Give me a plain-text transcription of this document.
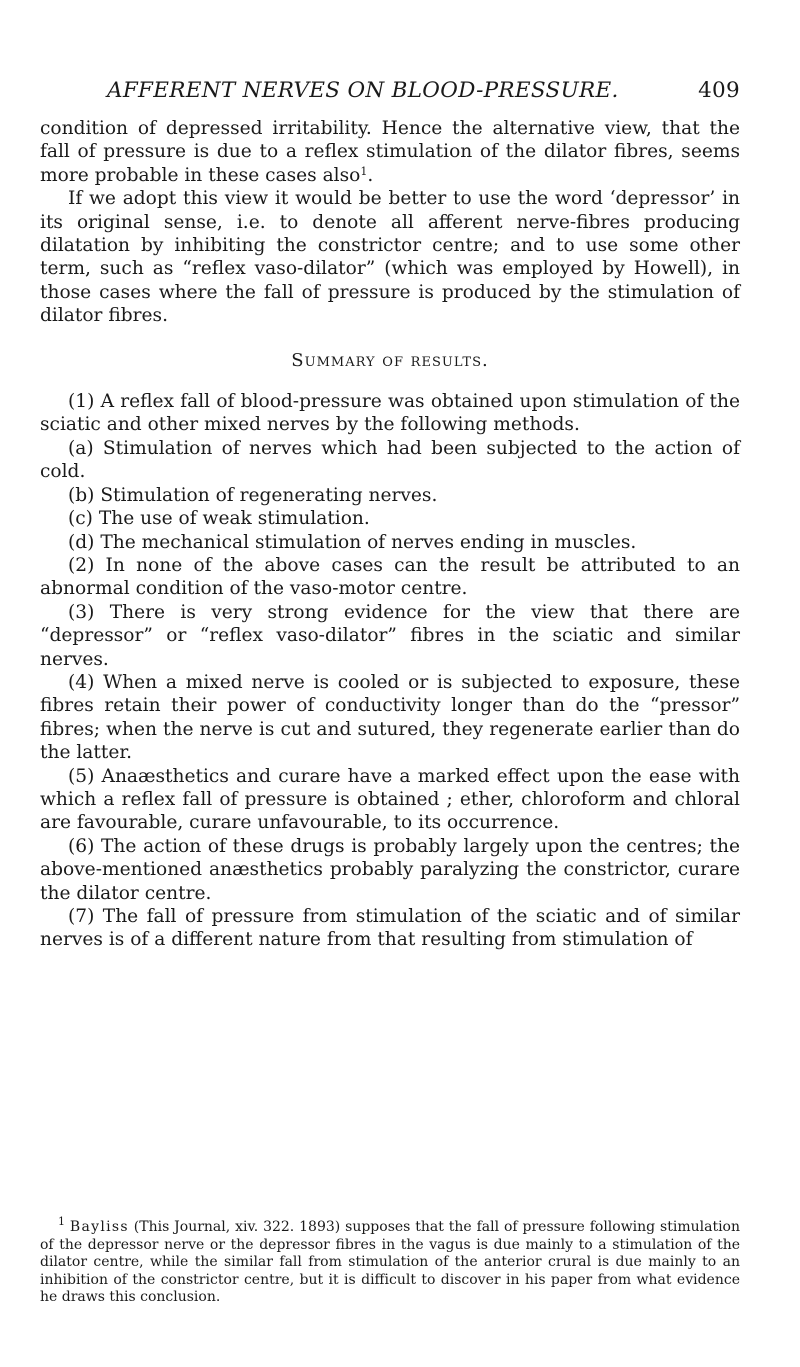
AFFERENT NERVES ON BLOOD-PRESSURE.	409

condition of depressed irritability. Hence the alternative view, that the fall of pressure is due to a reflex stimulation of the dilator fibres, seems more probable in these cases also$^1$.

If we adopt this view it would be better to use the word ‘depressor’ in its original sense, i.e. to denote all afferent nerve-fibres producing dilatation by inhibiting the constrictor centre; and to use some other term, such as “reflex vaso-dilator” (which was employed by Howell), in those cases where the fall of pressure is produced by the stimulation of dilator fibres.

Summary of results.

(1) A reflex fall of blood-pressure was obtained upon stimulation of the sciatic and other mixed nerves by the following methods.

(a) Stimulation of nerves which had been subjected to the action of cold.

(b) Stimulation of regenerating nerves.

(c) The use of weak stimulation.

(d) The mechanical stimulation of nerves ending in muscles.

(2) In none of the above cases can the result be attributed to an abnormal condition of the vaso-motor centre.

(3) There is very strong evidence for the view that there are “depressor” or “reflex vaso-dilator” fibres in the sciatic and similar nerves.

(4) When a mixed nerve is cooled or is subjected to exposure, these fibres retain their power of conductivity longer than do the “pressor” fibres; when the nerve is cut and sutured, they regenerate earlier than do the latter.

(5) Anaæsthetics and curare have a marked effect upon the ease with which a reflex fall of pressure is obtained ; ether, chloroform and chloral are favourable, curare unfavourable, to its occurrence.

(6) The action of these drugs is probably largely upon the centres; the above-mentioned anæsthetics probably paralyzing the constrictor, curare the dilator centre.

(7) The fall of pressure from stimulation of the sciatic and of similar nerves is of a different nature from that resulting from stimulation of

$^1$ Bayliss (This Journal, xiv. 322. 1893) supposes that the fall of pressure following stimulation of the depressor nerve or the depressor fibres in the vagus is due mainly to a stimulation of the dilator centre, while the similar fall from stimulation of the anterior crural is due mainly to an inhibition of the constrictor centre, but it is difficult to discover in his paper from what evidence he draws this conclusion.
